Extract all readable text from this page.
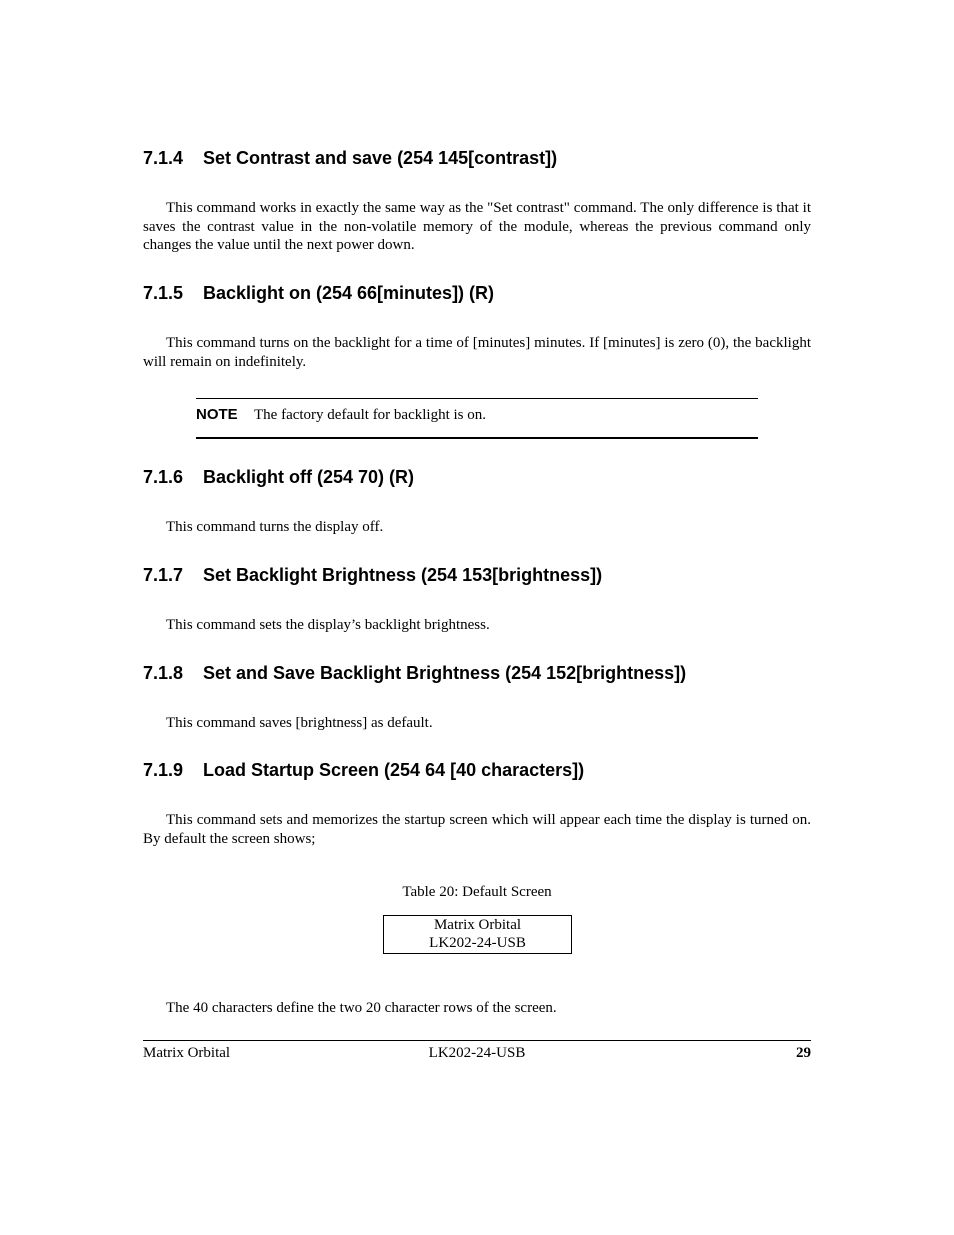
7.1.4 Set Contrast and save (254 145[contrast])

This command works in exactly the same way as the "Set contrast" command. The only difference is that it saves the contrast value in the non-volatile memory of the module, whereas the previous command only changes the value until the next power down.

7.1.5 Backlight on (254 66[minutes]) (R)

This command turns on the backlight for a time of [minutes] minutes. If [minutes] is zero (0), the backlight will remain on indefinitely.

NOTE The factory default for backlight is on.
7.1.6 Backlight off (254 70) (R)

This command turns the display off.

7.1.7 Set Backlight Brightness (254 153[brightness])

This command sets the display’s backlight brightness.

7.1.8 Set and Save Backlight Brightness (254 152[brightness])

This command saves [brightness] as default.

7.1.9 Load Startup Screen (254 64 [40 characters])

This command sets and memorizes the startup screen which will appear each time the display is turned on. By default the screen shows;

Table 20: Default Screen
Matrix Orbital
LK202-24-USB

The 40 characters define the two 20 character rows of the screen.

Matrix Orbital	LK202-24-USB	29
